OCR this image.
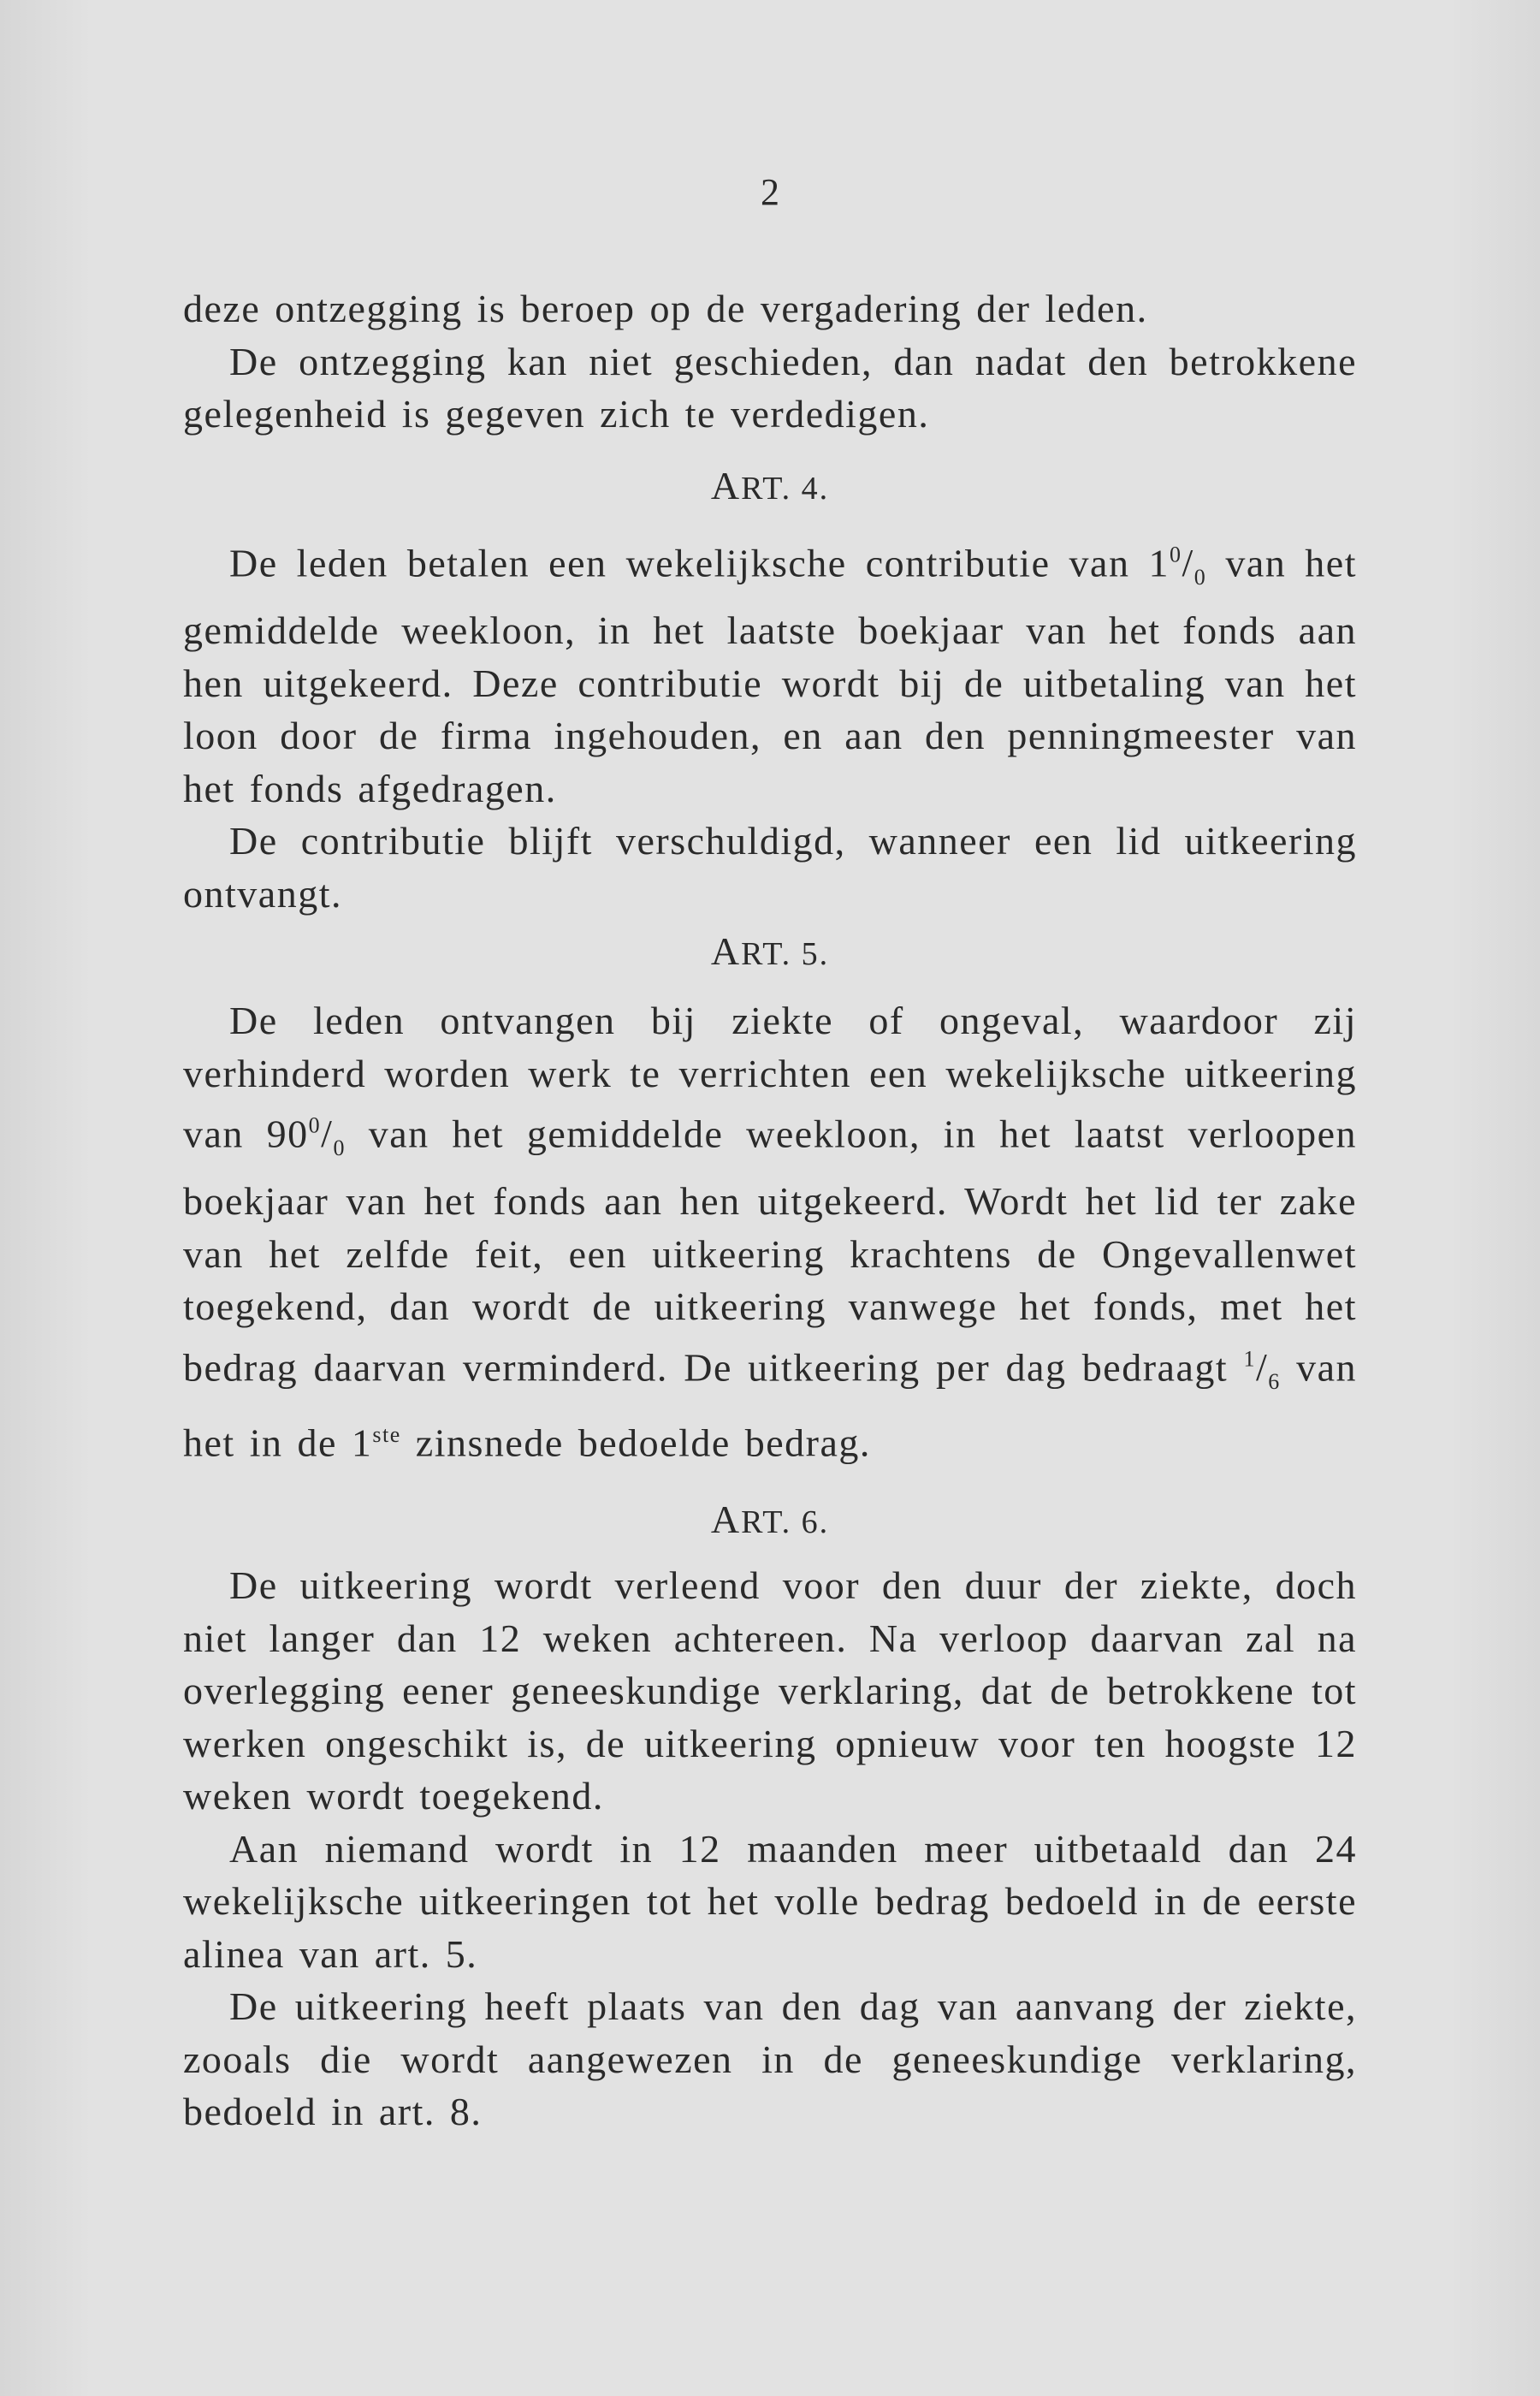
2

deze ontzegging is beroep op de vergadering der leden.

De ontzegging kan niet geschieden, dan nadat den betrokkene gelegenheid is gegeven zich te verdedigen.

ART. 4.

De leden betalen een wekelijksche contributie van $1^0/_0$ van het gemiddelde weekloon, in het laatste boekjaar van het fonds aan hen uitgekeerd. Deze contributie wordt bij de uitbetaling van het loon door de firma ingehouden, en aan den penningmeester van het fonds afgedragen.

De contributie blijft verschuldigd, wanneer een lid uitkeering ontvangt.

ART. 5.

De leden ontvangen bij ziekte of ongeval, waardoor zij verhinderd worden werk te verrichten een wekelijksche uitkeering van $90^0/_0$ van het gemiddelde weekloon, in het laatst verloopen boekjaar van het fonds aan hen uitgekeerd. Wordt het lid ter zake van het zelfde feit, een uitkeering krachtens de Ongevallenwet toegekend, dan wordt de uitkeering vanwege het fonds, met het bedrag daarvan verminderd. De uitkeering per dag bedraagt $^1/_6$ van het in de 1ste zinsnede bedoelde bedrag.

ART. 6.

De uitkeering wordt verleend voor den duur der ziekte, doch niet langer dan 12 weken achtereen. Na verloop daarvan zal na overlegging eener geneeskundige verklaring, dat de betrokkene tot werken ongeschikt is, de uitkeering opnieuw voor ten hoogste 12 weken wordt toegekend.

Aan niemand wordt in 12 maanden meer uitbetaald dan 24 wekelijksche uitkeeringen tot het volle bedrag bedoeld in de eerste alinea van art. 5.

De uitkeering heeft plaats van den dag van aanvang der ziekte, zooals die wordt aangewezen in de geneeskundige verklaring, bedoeld in art. 8.
